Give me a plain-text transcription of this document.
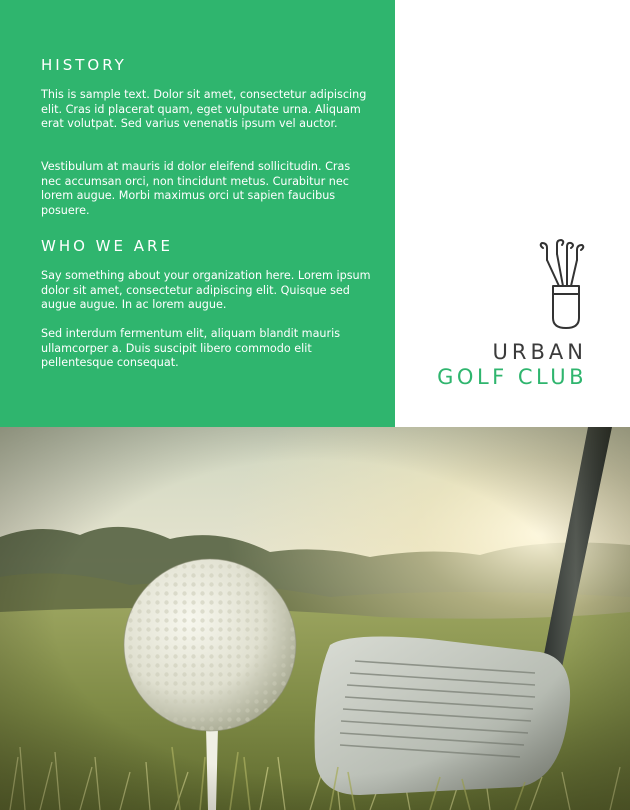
HISTORY

This is sample text. Dolor sit amet, consectetur adipiscing elit. Cras id placerat quam, eget vulputate urna. Aliquam erat volutpat. Sed varius venenatis ipsum vel auctor.

Vestibulum at mauris id dolor eleifend sollicitudin. Cras nec accumsan orci, non tincidunt metus. Curabitur nec lorem augue. Morbi maximus orci ut sapien faucibus posuere.

WHO WE ARE

Say something about your organization here. Lorem ipsum dolor sit amet, consectetur adipiscing elit. Quisque sed augue augue. In ac lorem augue.

Sed interdum fermentum elit, aliquam blandit mauris ullamcorper a. Duis suscipit libero commodo elit pellentesque consequat.	URBAN
GOLF CLUB
